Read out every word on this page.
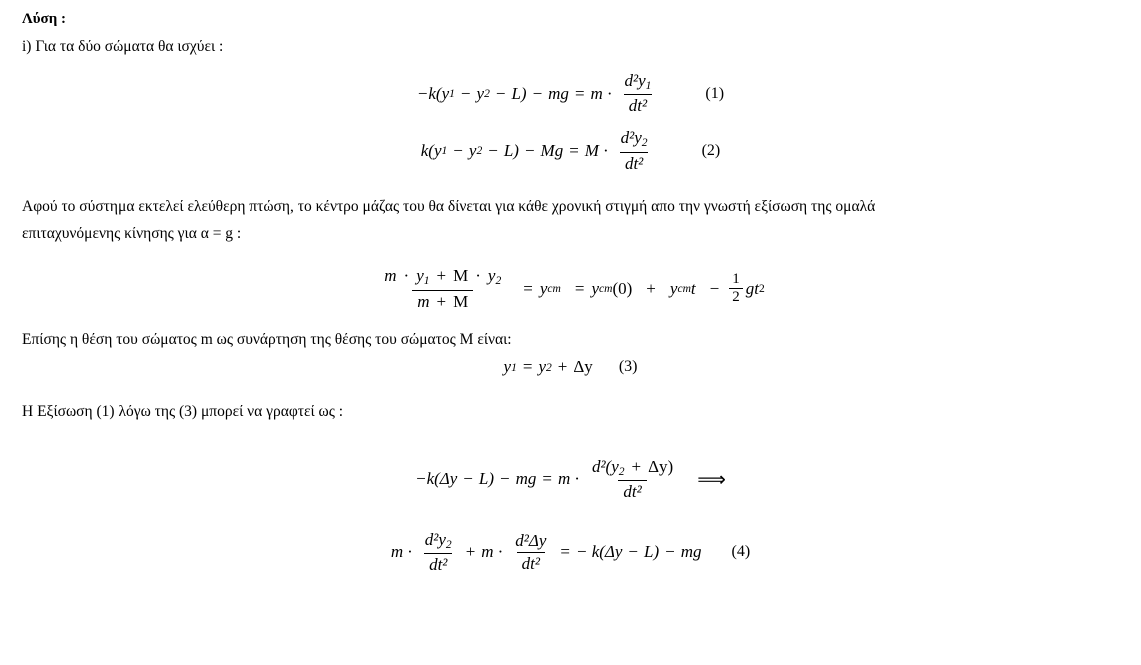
Λύση :
i) Για τα δύο σώματα θα ισχύει :
−k( y 1 − y 2 − L) − mg = $m \cdot \frac{d^2y_1}{\text{dt²}}$	(1)
k( y 1 − y $2 - L) - Mg = M \cdot \frac{d^2y_2}{\text{dt²}}$	(2)
Αφού το σύστημα εκτελεί ελεύθερη πτώση, το κέντρο μάζας του θα δίνεται για κάθε χρονική στιγμή απο την γνωστή εξίσωση της ομαλά
επιταχυνόμενης κίνησης για α = g :
$\frac{m \cdot y_1 + M \cdot y_2}{m + M} = y$ cm = y cm (0) + y cm $t - \frac{1}{2}$ g t 2
Επίσης η θέση του σώματος m ως συνάρτηση της θέσης του σώματος Μ είναι:
y 1 = y 2 + Δy (3)
Η Εξίσωση (1) λόγω της (3) μπορεί να γραφτεί ως :
−k(Δy − L) − mg = $m \cdot \frac{d^2(y_2 + \Delta y)}{\text{dt²}}$ ⟹
$m \cdot \frac{d^2y_2}{\text{dt²}} + m \cdot \frac{\text{d²Δy}}{\text{dt²}}$ = − k(Δy − L) − mg (4)
